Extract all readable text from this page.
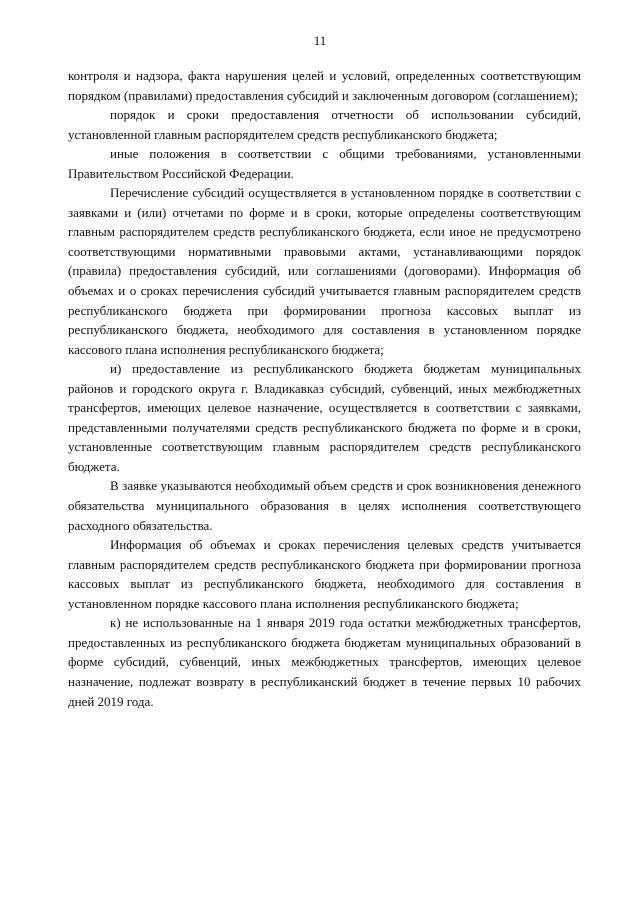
11

контроля и надзора, факта нарушения целей и условий, определенных соответствующим порядком (правилами) предоставления субсидий и заключенным договором (соглашением);

порядок и сроки предоставления отчетности об использовании субсидий, установленной главным распорядителем средств республиканского бюджета;

иные положения в соответствии с общими требованиями, установленными Правительством Российской Федерации.

Перечисление субсидий осуществляется в установленном порядке в соответствии с заявками и (или) отчетами по форме и в сроки, которые определены соответствующим главным распорядителем средств республиканского бюджета, если иное не предусмотрено соответствующими нормативными правовыми актами, устанавливающими порядок (правила) предоставления субсидий, или соглашениями (договорами). Информация об объемах и о сроках перечисления субсидий учитывается главным распорядителем средств республиканского бюджета при формировании прогноза кассовых выплат из республиканского бюджета, необходимого для составления в установленном порядке кассового плана исполнения республиканского бюджета;

и) предоставление из республиканского бюджета бюджетам муниципальных районов и городского округа г. Владикавказ субсидий, субвенций, иных межбюджетных трансфертов, имеющих целевое назначение, осуществляется в соответствии с заявками, представленными получателями средств республиканского бюджета по форме и в сроки, установленные соответствующим главным распорядителем средств республиканского бюджета.

В заявке указываются необходимый объем средств и срок возникновения денежного обязательства муниципального образования в целях исполнения соответствующего расходного обязательства.

Информация об объемах и сроках перечисления целевых средств учитывается главным распорядителем средств республиканского бюджета при формировании прогноза кассовых выплат из республиканского бюджета, необходимого для составления в установленном порядке кассового плана исполнения республиканского бюджета;

к) не использованные на 1 января 2019 года остатки межбюджетных трансфертов, предоставленных из республиканского бюджета бюджетам муниципальных образований в форме субсидий, субвенций, иных межбюджетных трансфертов, имеющих целевое назначение, подлежат возврату в республиканский бюджет в течение первых 10 рабочих дней 2019 года.
